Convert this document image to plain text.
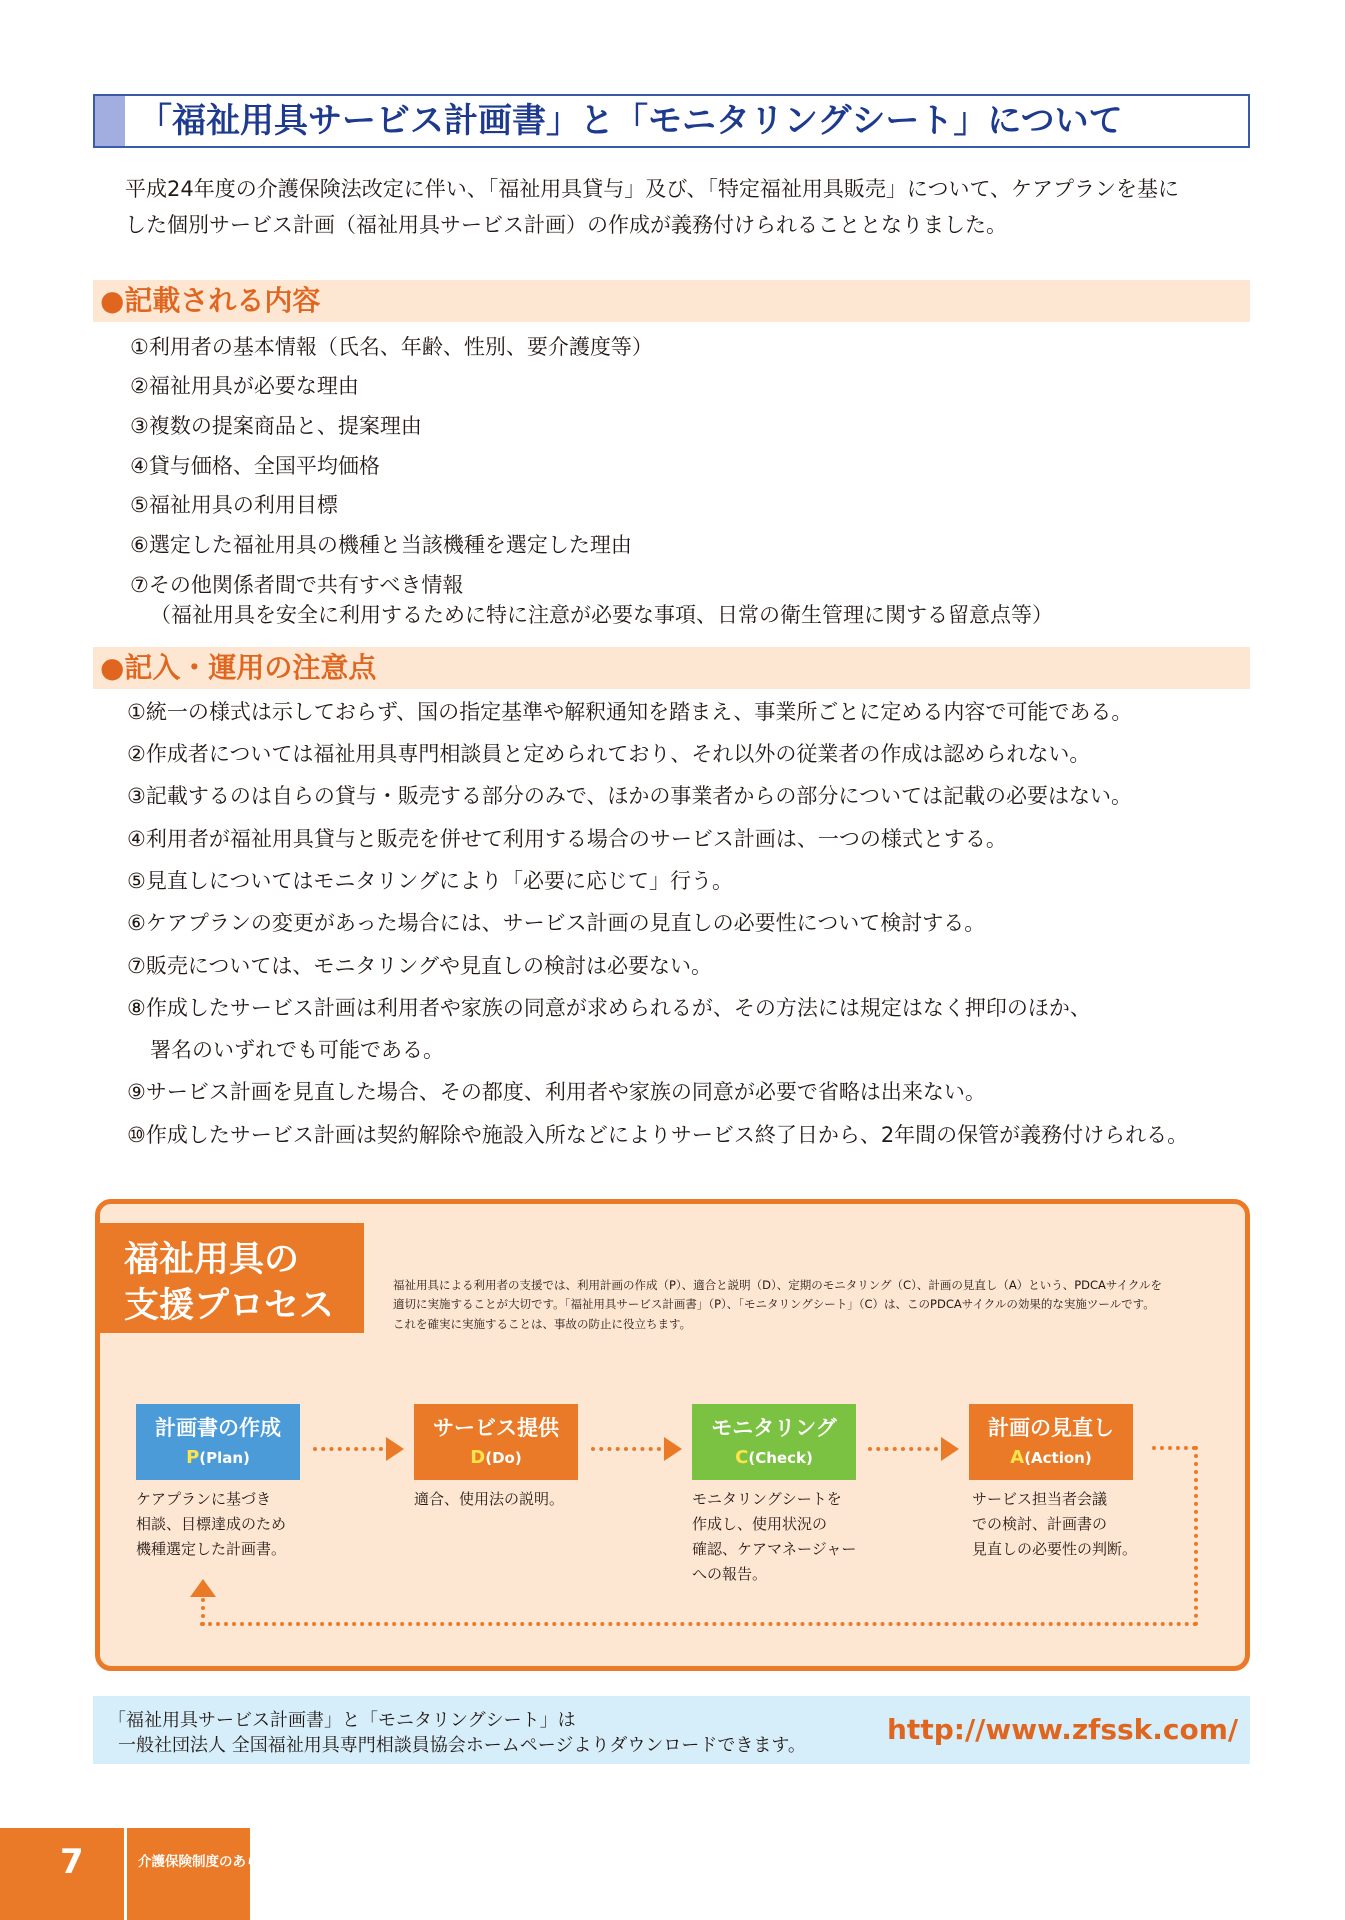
「福祉用具サービス計画書」と「モニタリングシート」について
平成24年度の介護保険法改定に伴い、「福祉用具貸与」及び、「特定福祉用具販売」について、ケアプランを基に
した個別サービス計画（福祉用具サービス計画）の作成が義務付けられることとなりました。
●記載される内容
①利用者の基本情報（氏名、年齢、性別、要介護度等）
②福祉用具が必要な理由
③複数の提案商品と、提案理由
④貸与価格、全国平均価格
⑤福祉用具の利用目標
⑥選定した福祉用具の機種と当該機種を選定した理由
⑦その他関係者間で共有すべき情報
（福祉用具を安全に利用するために特に注意が必要な事項、日常の衛生管理に関する留意点等）
●記入・運用の注意点
①統一の様式は示しておらず、国の指定基準や解釈通知を踏まえ、事業所ごとに定める内容で可能である。
②作成者については福祉用具専門相談員と定められており、それ以外の従業者の作成は認められない。
③記載するのは自らの貸与・販売する部分のみで、ほかの事業者からの部分については記載の必要はない。
④利用者が福祉用具貸与と販売を併せて利用する場合のサービス計画は、一つの様式とする。
⑤見直しについてはモニタリングにより「必要に応じて」行う。
⑥ケアプランの変更があった場合には、サービス計画の見直しの必要性について検討する。
⑦販売については、モニタリングや見直しの検討は必要ない。
⑧作成したサービス計画は利用者や家族の同意が求められるが、その方法には規定はなく押印のほか、
署名のいずれでも可能である。
⑨サービス計画を見直した場合、その都度、利用者や家族の同意が必要で省略は出来ない。
⑩作成したサービス計画は契約解除や施設入所などによりサービス終了日から、2年間の保管が義務付けられる。
福祉用具の
支援プロセス
福祉用具による利用者の支援では、利用計画の作成（P）、適合と説明（D）、定期のモニタリング（C）、計画の見直し（A）という、PDCAサイクルを
適切に実施することが大切です。「福祉用具サービス計画書」（P）、「モニタリングシート」（C）は、このPDCAサイクルの効果的な実施ツールです。
これを確実に実施することは、事故の防止に役立ちます。
計画書の作成
P(Plan)
サービス提供
D(Do)
モニタリング
C(Check)
計画の見直し
A(Action)
ケアプランに基づき
相談、目標達成のため
機種選定した計画書。
適合、使用法の説明。	モニタリングシートを
作成し、使用状況の
確認、ケアマネージャー
への報告。
サービス担当者会議
での検討、計画書の
見直しの必要性の判断。
「福祉用具サービス計画書」と「モニタリングシート」は
一般社団法人 全国福祉用具専門相談員協会ホームページよりダウンロードできます。	http://www.zfssk.com/
7	介護保険制度のあらまし
